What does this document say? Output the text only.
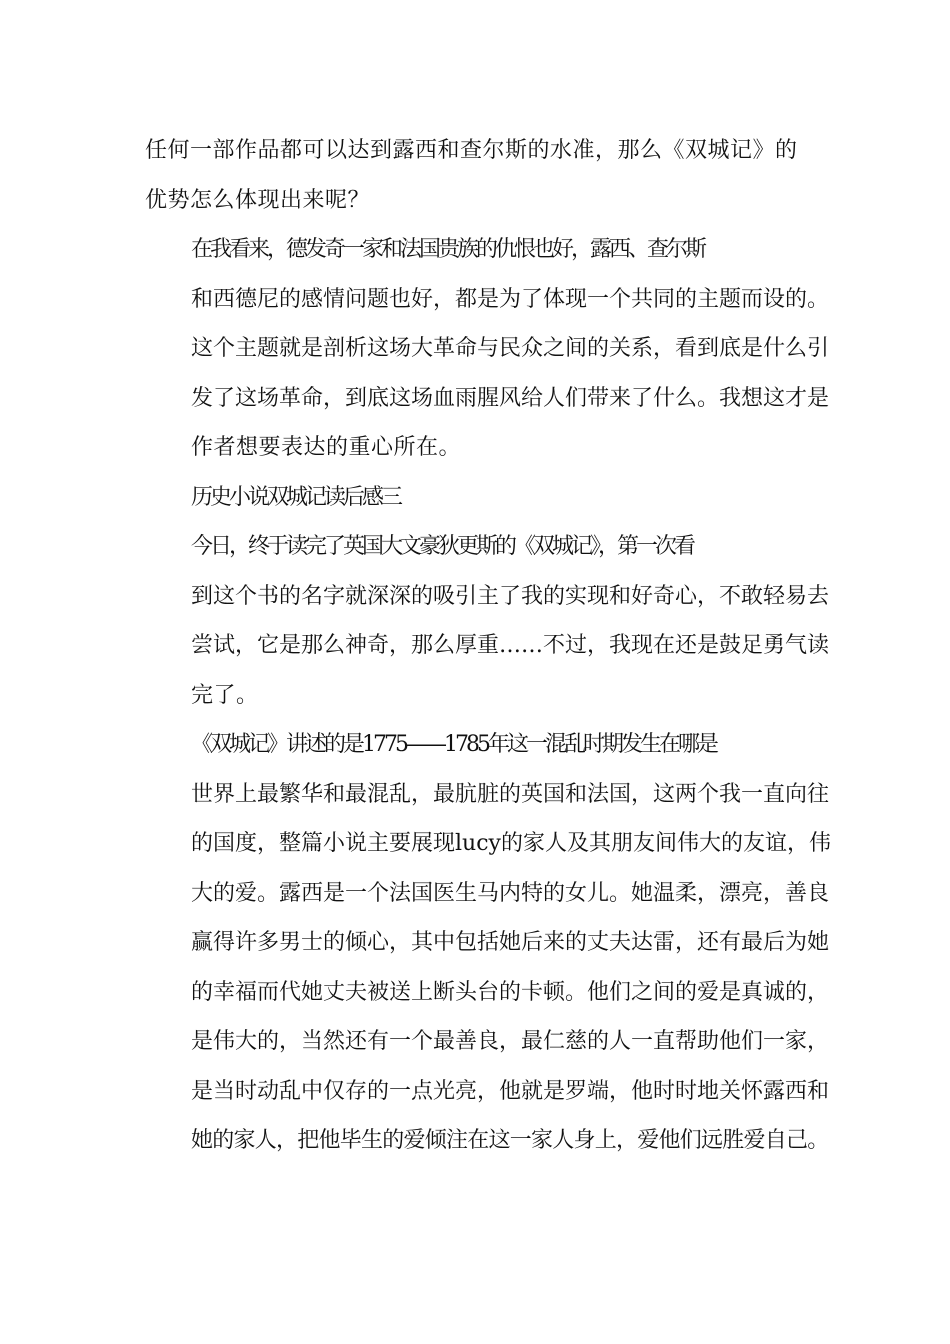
任何一部作品都可以达到露西和查尔斯的水准，那么《双城记》的
优势怎么体现出来呢？

在我看来，德发奇一家和法国贵族的仇恨也好，露西、查尔斯
和西德尼的感情问题也好，都是为了体现一个共同的主题而设的。
这个主题就是剖析这场大革命与民众之间的关系，看到底是什么引
发了这场革命，到底这场血雨腥风给人们带来了什么。我想这才是
作者想要表达的重心所在。

历史小说双城记读后感三

今日，终于读完了英国大文豪狄更斯的《双城记》，第一次看
到这个书的名字就深深的吸引主了我的实现和好奇心，不敢轻易去
尝试，它是那么神奇，那么厚重……不过，我现在还是鼓足勇气读
完了。

《双城记》讲述的是1775——1785年这一混乱时期发生在哪是
世界上最繁华和最混乱，最肮脏的英国和法国，这两个我一直向往
的国度，整篇小说主要展现lucy的家人及其朋友间伟大的友谊，伟
大的爱。露西是一个法国医生马内特的女儿。她温柔，漂亮，善良
赢得许多男士的倾心，其中包括她后来的丈夫达雷，还有最后为她
的幸福而代她丈夫被送上断头台的卡顿。他们之间的爱是真诚的，
是伟大的，当然还有一个最善良，最仁慈的人一直帮助他们一家，
是当时动乱中仅存的一点光亮，他就是罗端，他时时地关怀露西和
她的家人，把他毕生的爱倾注在这一家人身上，爱他们远胜爱自己。
